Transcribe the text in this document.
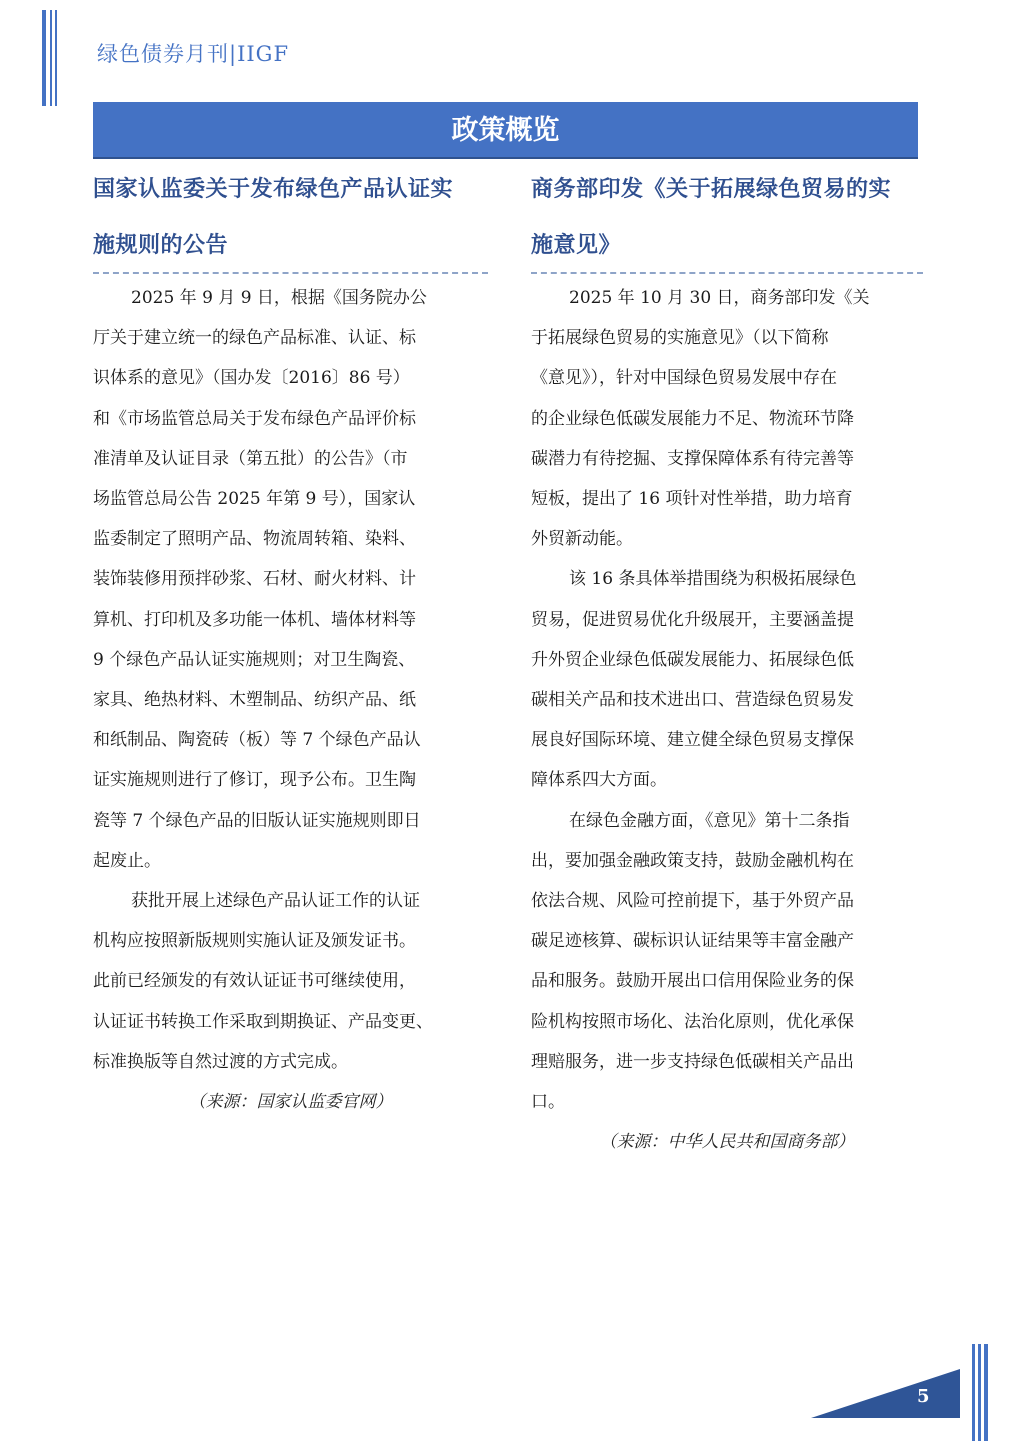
绿色债券月刊|IIGF
政策概览
国家认监委关于发布绿色产品认证实
施规则的公告

2025 年 9 月 9 日，根据《国务院办公
厅关于建立统一的绿色产品标准、认证、标
识体系的意见》（国办发〔2016〕86 号）
和《市场监管总局关于发布绿色产品评价标
准清单及认证目录（第五批）的公告》（市
场监管总局公告 2025 年第 9 号），国家认
监委制定了照明产品、物流周转箱、染料、
装饰装修用预拌砂浆、石材、耐火材料、计
算机、打印机及多功能一体机、墙体材料等
9 个绿色产品认证实施规则；对卫生陶瓷、
家具、绝热材料、木塑制品、纺织产品、纸
和纸制品、陶瓷砖（板）等 7 个绿色产品认
证实施规则进行了修订，现予公布。卫生陶
瓷等 7 个绿色产品的旧版认证实施规则即日
起废止。

获批开展上述绿色产品认证工作的认证
机构应按照新版规则实施认证及颁发证书。
此前已经颁发的有效认证证书可继续使用，
认证证书转换工作采取到期换证、产品变更、
标准换版等自然过渡的方式完成。

（来源：国家认监委官网）

商务部印发《关于拓展绿色贸易的实
施意见》

2025 年 10 月 30 日，商务部印发《关
于拓展绿色贸易的实施意见》（以下简称
《意见》），针对中国绿色贸易发展中存在
的企业绿色低碳发展能力不足、物流环节降
碳潜力有待挖掘、支撑保障体系有待完善等
短板，提出了 16 项针对性举措，助力培育
外贸新动能。

该 16 条具体举措围绕为积极拓展绿色
贸易，促进贸易优化升级展开，主要涵盖提
升外贸企业绿色低碳发展能力、拓展绿色低
碳相关产品和技术进出口、营造绿色贸易发
展良好国际环境、建立健全绿色贸易支撑保
障体系四大方面。

在绿色金融方面，《意见》第十二条指
出，要加强金融政策支持，鼓励金融机构在
依法合规、风险可控前提下，基于外贸产品
碳足迹核算、碳标识认证结果等丰富金融产
品和服务。鼓励开展出口信用保险业务的保
险机构按照市场化、法治化原则，优化承保
理赔服务，进一步支持绿色低碳相关产品出
口。

（来源：中华人民共和国商务部）

5
